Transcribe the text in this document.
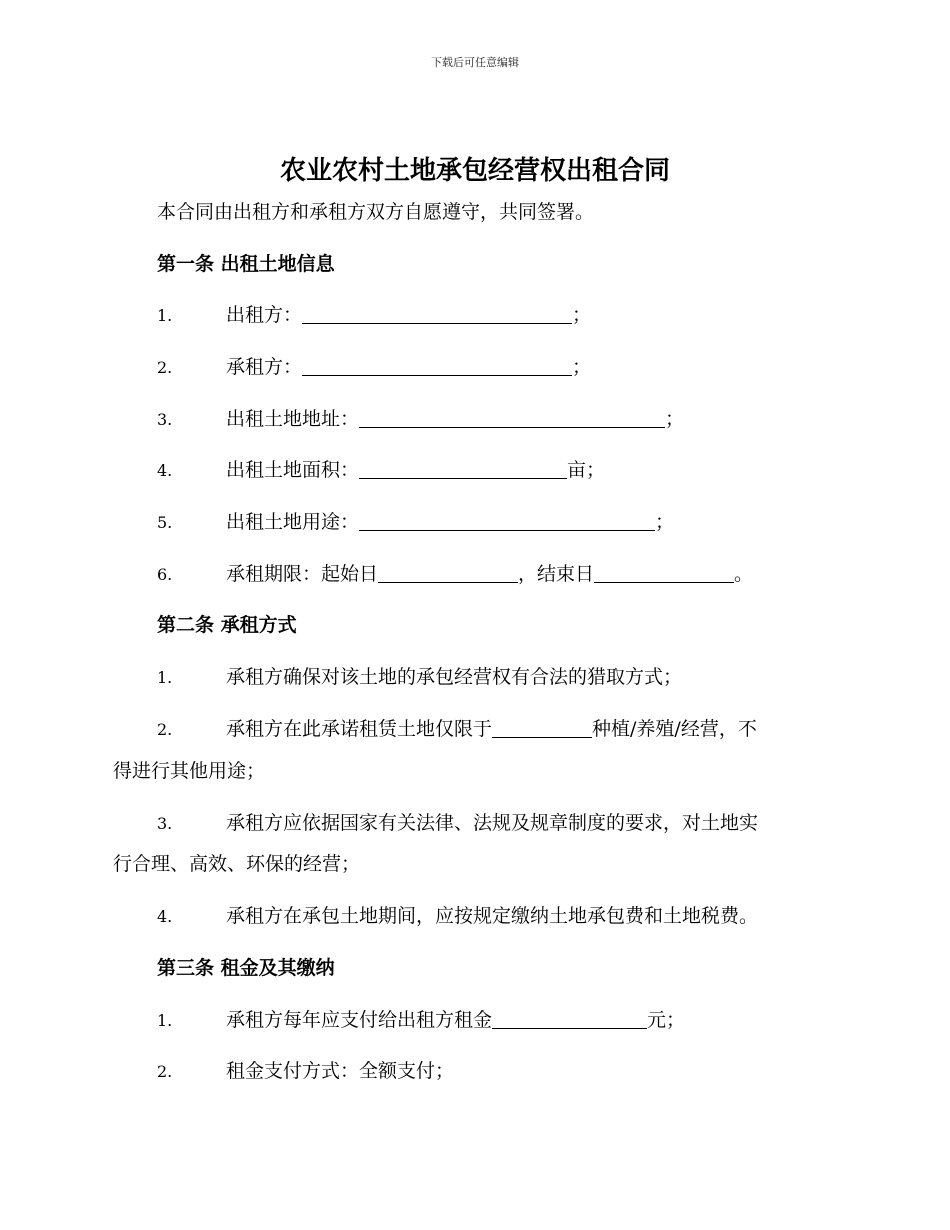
下载后可任意编辑
农业农村土地承包经营权出租合同
本合同由出租方和承租方双方自愿遵守，共同签署。
第一条 出租土地信息
1.	出租方：	；
2.	承租方：	；
3.	出租土地地址：	；
4.	出租土地面积：	亩；
5.	出租土地用途：	；
6.	承租期限：起始日	，结束日	。
第二条 承租方式
1.	承租方确保对该土地的承包经营权有合法的猎取方式；
2.	承租方在此承诺租赁土地仅限于	种植/养殖/经营，不
得进行其他用途；
3.	承租方应依据国家有关法律、法规及规章制度的要求，对土地实
行合理、高效、环保的经营；
4.	承租方在承包土地期间，应按规定缴纳土地承包费和土地税费。
第三条 租金及其缴纳
1.	承租方每年应支付给出租方租金	元；
2.	租金支付方式：全额支付；
